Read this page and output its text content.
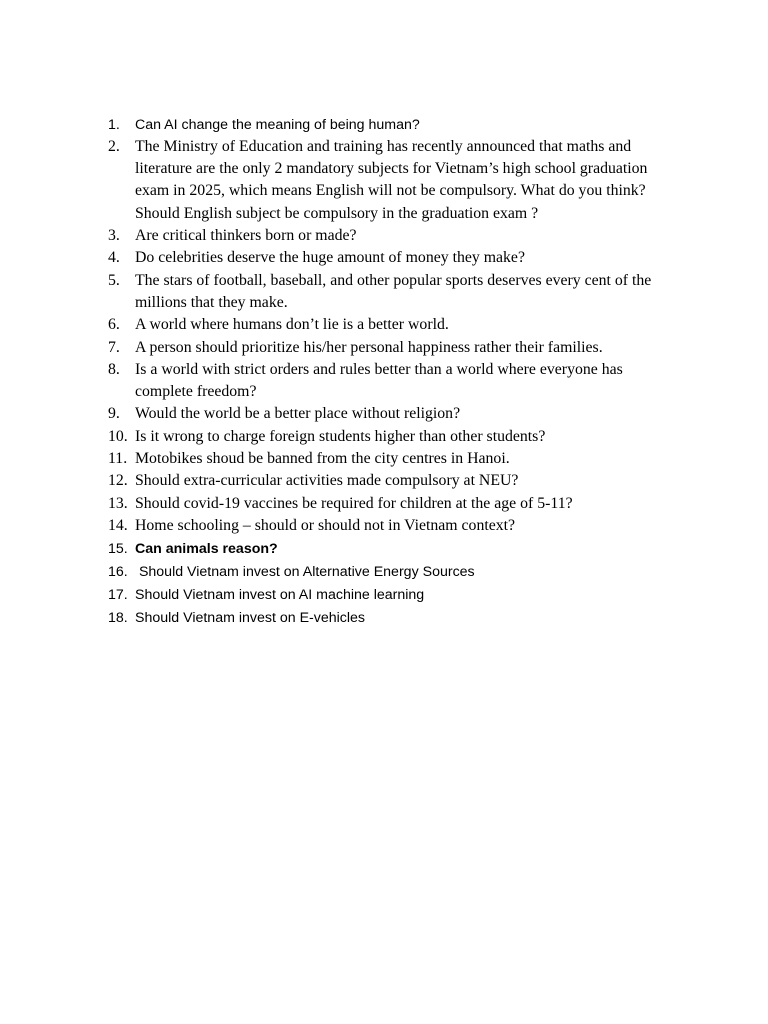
1.	Can AI change the meaning of being human?
2. The Ministry of Education and training has recently announced that maths and literature are the only 2 mandatory subjects for Vietnam’s high school graduation exam in 2025, which means English will not be compulsory. What do you think? Should English subject be compulsory in the graduation exam ?
3. Are critical thinkers born or made?
4. Do celebrities deserve the huge amount of money they make?
5. The stars of football, baseball, and other popular sports deserves every cent of the millions that they make.
6. A world where humans don’t lie is a better world.
7. A person should prioritize his/her personal happiness rather their families.
8. Is a world with strict orders and rules better than a world where everyone has complete freedom?
9. Would the world be a better place without religion?
10. Is it wrong to charge foreign students higher than other students?
11. Motobikes shoud be banned from the city centres in Hanoi.
12. Should extra-curricular activities made compulsory at NEU?
13. Should covid-19 vaccines be required for children at the age of 5-11?
14. Home schooling – should or should not in Vietnam context?
15. Can animals reason?
16. Should Vietnam invest on Alternative Energy Sources
17. Should Vietnam invest on AI machine learning
18. Should Vietnam invest on E-vehicles
